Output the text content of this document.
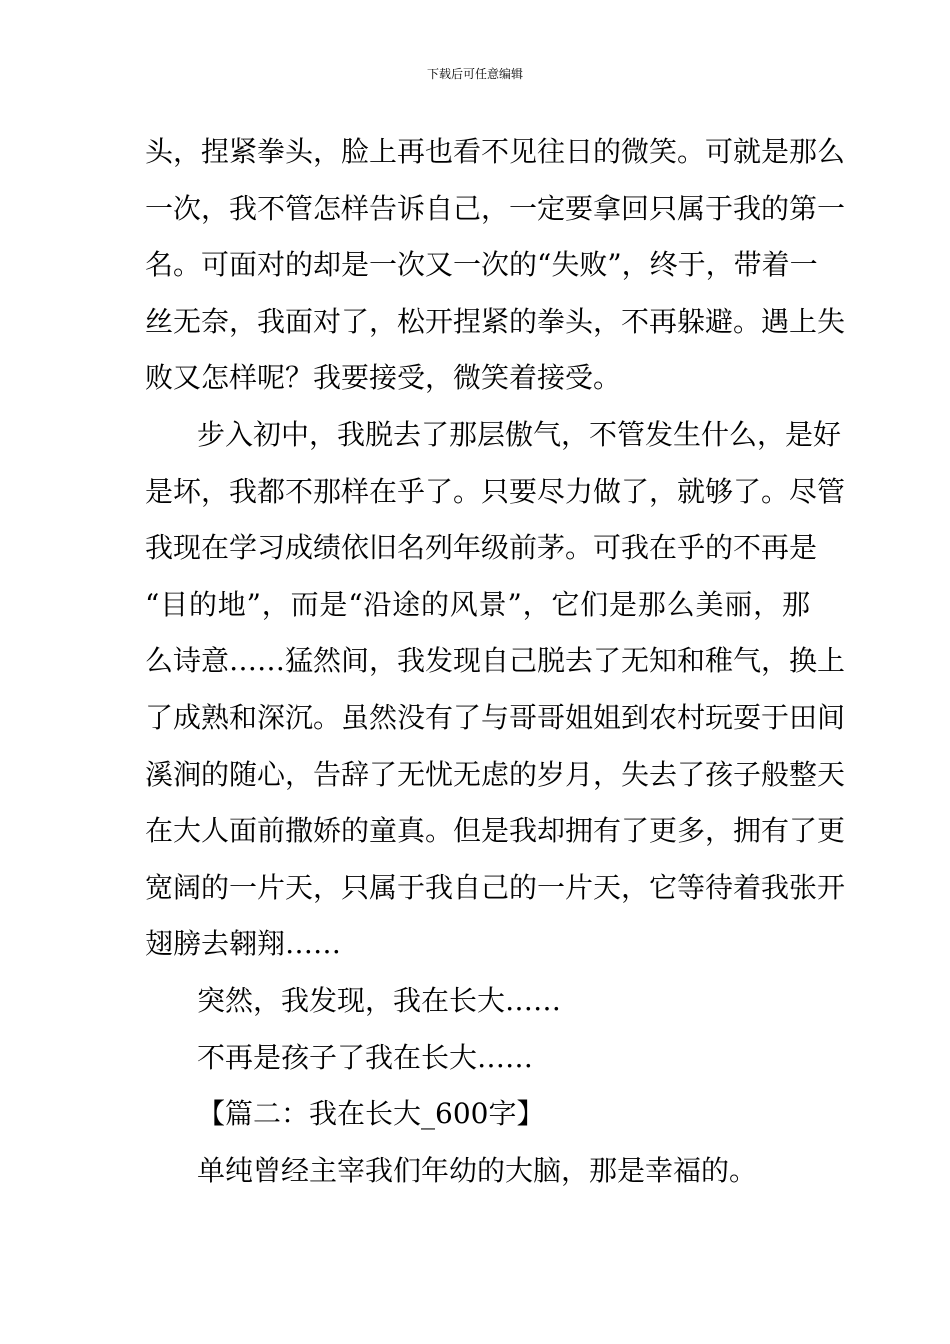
下载后可任意编辑
头，捏紧拳头，脸上再也看不见往日的微笑。可就是那么
一次，我不管怎样告诉自己，一定要拿回只属于我的第一
名。可面对的却是一次又一次的“失败”，终于，带着一
丝无奈，我面对了，松开捏紧的拳头，不再躲避。遇上失
败又怎样呢？我要接受，微笑着接受。
步入初中，我脱去了那层傲气，不管发生什么，是好
是坏，我都不那样在乎了。只要尽力做了，就够了。尽管
我现在学习成绩依旧名列年级前茅。可我在乎的不再是
“目的地”，而是“沿途的风景”，它们是那么美丽，那
么诗意……猛然间，我发现自己脱去了无知和稚气，换上
了成熟和深沉。虽然没有了与哥哥姐姐到农村玩耍于田间
溪涧的随心，告辞了无忧无虑的岁月，失去了孩子般整天
在大人面前撒娇的童真。但是我却拥有了更多，拥有了更
宽阔的一片天，只属于我自己的一片天，它等待着我张开
翅膀去翱翔……
突然，我发现，我在长大……
不再是孩子了我在长大……
【篇二：我在长大_600字】
单纯曾经主宰我们年幼的大脑，那是幸福的。
